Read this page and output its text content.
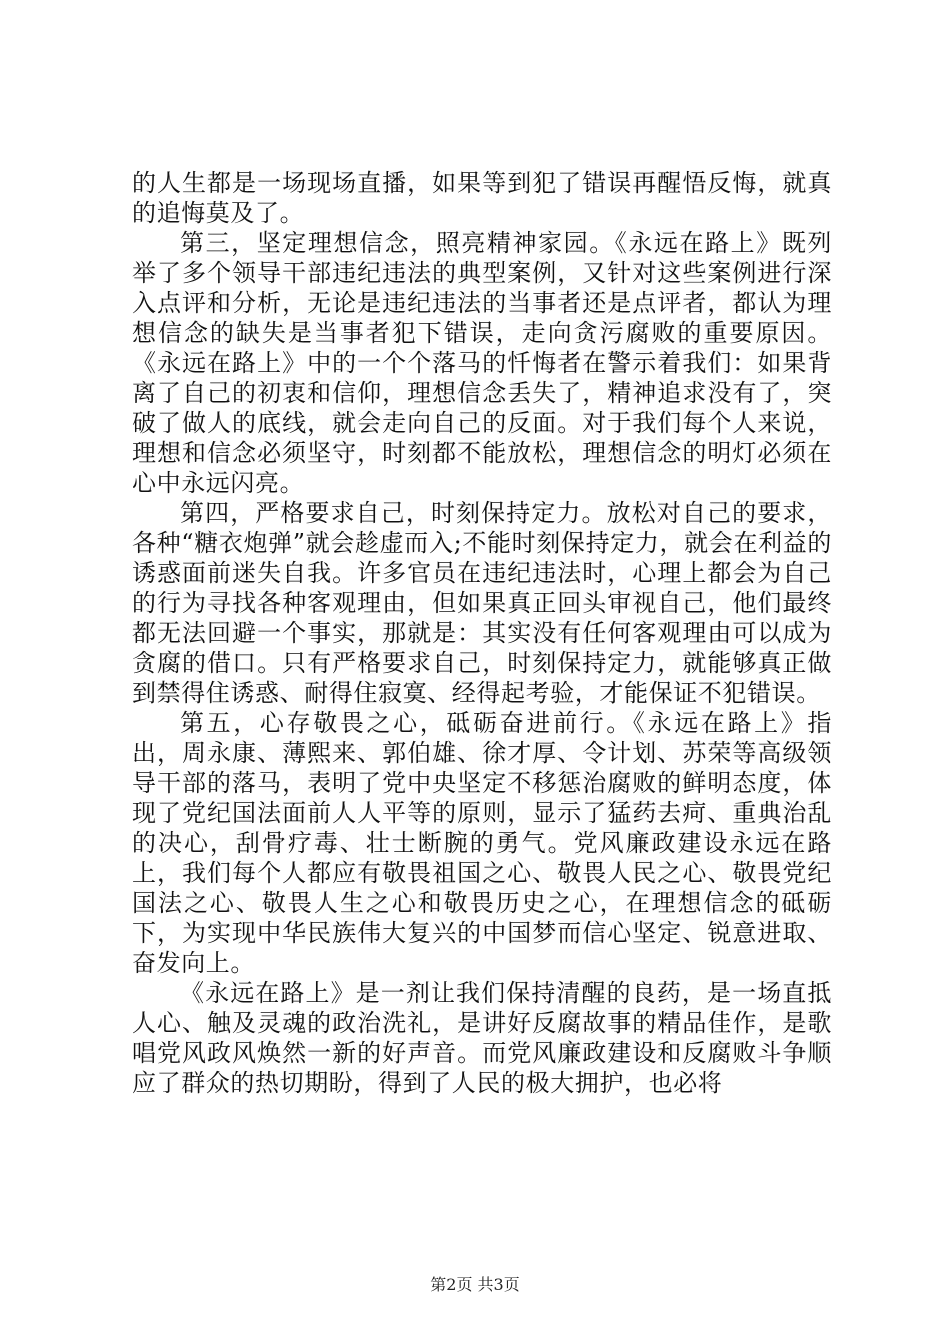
的人生都是一场现场直播，如果等到犯了错误再醒悟反悔，就真的追悔莫及了。

第三，坚定理想信念，照亮精神家园。《永远在路上》既列举了多个领导干部违纪违法的典型案例，又针对这些案例进行深入点评和分析，无论是违纪违法的当事者还是点评者，都认为理想信念的缺失是当事者犯下错误，走向贪污腐败的重要原因。《永远在路上》中的一个个落马的忏悔者在警示着我们：如果背离了自己的初衷和信仰，理想信念丢失了，精神追求没有了，突破了做人的底线，就会走向自己的反面。对于我们每个人来说，理想和信念必须坚守，时刻都不能放松，理想信念的明灯必须在心中永远闪亮。

第四，严格要求自己，时刻保持定力。放松对自己的要求，各种“糖衣炮弹”就会趁虚而入;不能时刻保持定力，就会在利益的诱惑面前迷失自我。许多官员在违纪违法时，心理上都会为自己的行为寻找各种客观理由，但如果真正回头审视自己，他们最终都无法回避一个事实，那就是：其实没有任何客观理由可以成为贪腐的借口。只有严格要求自己，时刻保持定力，就能够真正做到禁得住诱惑、耐得住寂寞、经得起考验，才能保证不犯错误。

第五，心存敬畏之心，砥砺奋进前行。《永远在路上》指出，周永康、薄熙来、郭伯雄、徐才厚、令计划、苏荣等高级领导干部的落马，表明了党中央坚定不移惩治腐败的鲜明态度，体现了党纪国法面前人人平等的原则，显示了猛药去疴、重典治乱的决心，刮骨疗毒、壮士断腕的勇气。党风廉政建设永远在路上，我们每个人都应有敬畏祖国之心、敬畏人民之心、敬畏党纪国法之心、敬畏人生之心和敬畏历史之心，在理想信念的砥砺下，为实现中华民族伟大复兴的中国梦而信心坚定、锐意进取、奋发向上。

《永远在路上》是一剂让我们保持清醒的良药，是一场直抵人心、触及灵魂的政治洗礼，是讲好反腐故事的精品佳作，是歌唱党风政风焕然一新的好声音。而党风廉政建设和反腐败斗争顺应了群众的热切期盼，得到了人民的极大拥护，也必将

第2页 共3页
